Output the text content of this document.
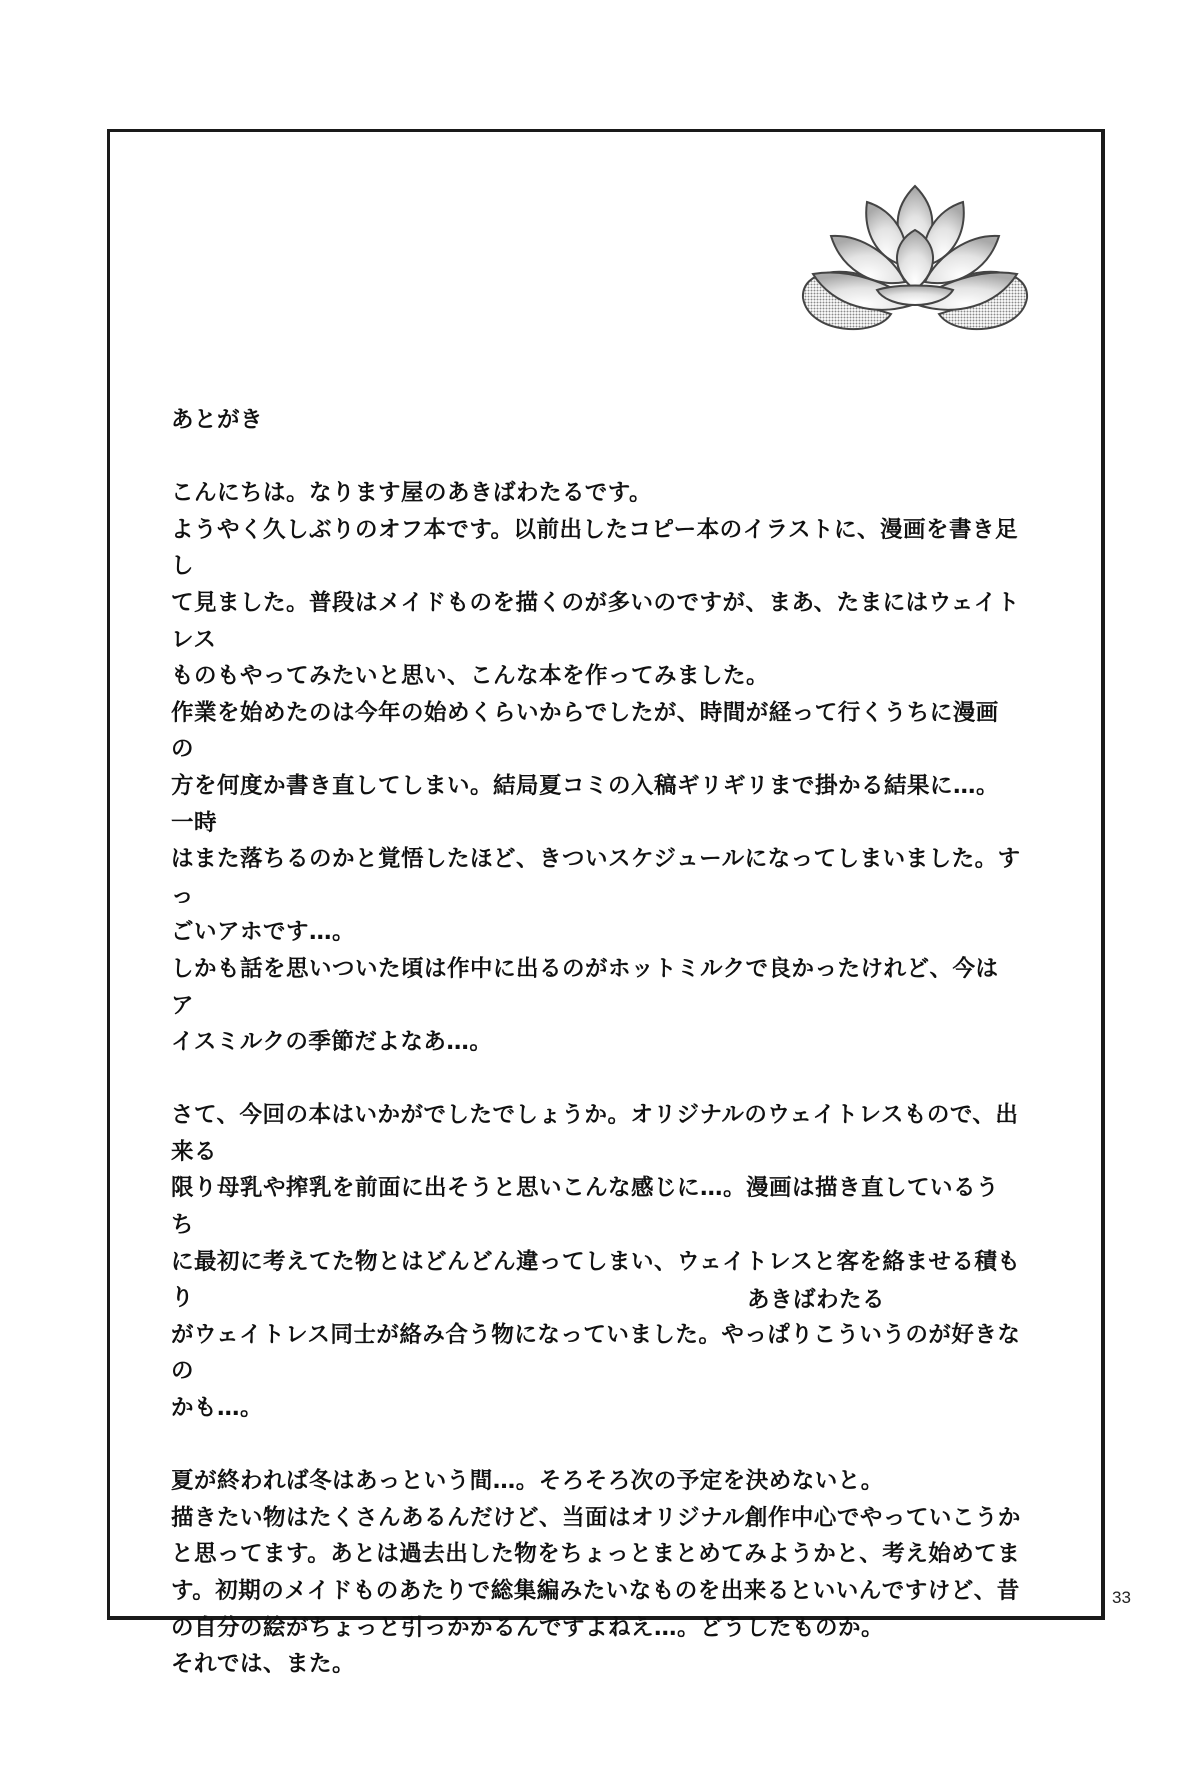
あとがき

こんにちは。なります屋のあきばわたるです。

ようやく久しぶりのオフ本です。以前出したコピー本のイラストに、漫画を書き足し

て見ました。普段はメイドものを描くのが多いのですが、まあ、たまにはウェイトレス

ものもやってみたいと思い、こんな本を作ってみました。

作業を始めたのは今年の始めくらいからでしたが、時間が経って行くうちに漫画の

方を何度か書き直してしまい。結局夏コミの入稿ギリギリまで掛かる結果に…。一時

はまた落ちるのかと覚悟したほど、きついスケジュールになってしまいました。すっ

ごいアホです…。

しかも話を思いついた頃は作中に出るのがホットミルクで良かったけれど、今はア

イスミルクの季節だよなあ…。

さて、今回の本はいかがでしたでしょうか。オリジナルのウェイトレスもので、出来る

限り母乳や搾乳を前面に出そうと思いこんな感じに…。漫画は描き直しているうち

に最初に考えてた物とはどんどん違ってしまい、ウェイトレスと客を絡ませる積もり

がウェイトレス同士が絡み合う物になっていました。やっぱりこういうのが好きなの

かも…。

夏が終われば冬はあっという間…。そろそろ次の予定を決めないと。

描きたい物はたくさんあるんだけど、当面はオリジナル創作中心でやっていこうか

と思ってます。あとは過去出した物をちょっとまとめてみようかと、考え始めてま

す。初期のメイドものあたりで総集編みたいなものを出来るといいんですけど、昔

の自分の絵がちょっと引っかかるんですよねえ…。どうしたものか。

それでは、また。

あきばわたる
33
